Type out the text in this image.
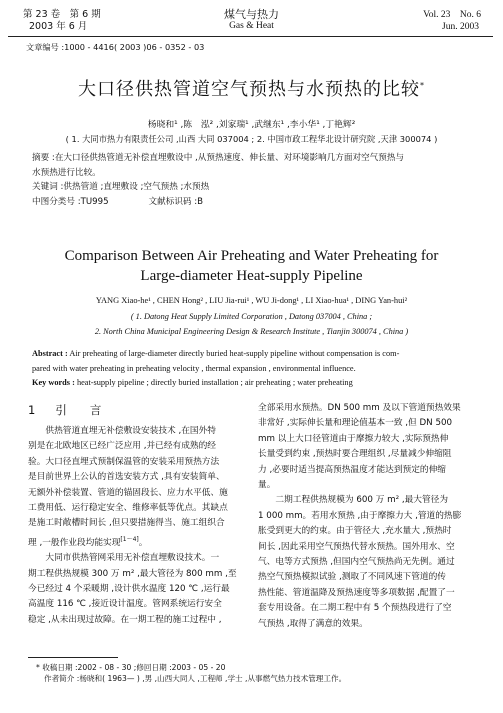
第 23 卷　第 6 期
2003 年 6 月
煤气与热力
Gas & Heat
Vol. 23　No. 6
Jun. 2003
文章编号 :1000 - 4416( 2003 )06 - 0352 - 03
大口径供热管道空气预热与水预热的比较*
杨晓和¹ ,陈　泓² ,刘家瑞¹ ,武继东¹ ,李小华¹ ,丁艳辉²
( 1. 大同市热力有限责任公司 ,山西 大同 037004 ; 2. 中国市政工程华北设计研究院 ,天津 300074 )
摘要 :在大口径供热管道无补偿直埋敷设中 ,从预热速度、伸长量、对环境影响几方面对空气预热与
水预热进行比较。
关键词 :供热管道 ;直埋敷设 ;空气预热 ;水预热
中图分类号 :TU995	文献标识码 :B
Comparison Between Air Preheating and Water Preheating for
Large-diameter Heat-supply Pipeline
YANG Xiao-he¹ , CHEN Hong² , LIU Jia-rui¹ , WU Ji-dong¹ , LI Xiao-hua¹ , DING Yan-hui²
( 1. Datong Heat Supply Limited Corporation , Datong 037004 , China ;
2. North China Municipal Engineering Design & Research Institute , Tianjin 300074 , China )
Abstract : Air preheating of large-diameter directly buried heat-supply pipeline without compensation is com-
pared with water preheating in preheating velocity , thermal expansion , environmental influence.
Key words : heat-supply pipeline ; directly buried installation ; air preheating ; water preheating
1 引　　言
供热管道直埋无补偿敷设安装技术 ,在国外特
别是在北欧地区已经广泛应用 ,并已经有成熟的经
验。大口径直埋式预制保温管的安装采用预热方法
是目前世界上公认的首选安装方式 ,具有安装简单、
无额外补偿装置、管道的锚固段长、应力水平低、施
工费用低、运行稳定安全、维修率低等优点。其缺点
是施工时敞槽时间长 ,但只要措施得当、施工组织合
理 ,一般作业段均能实现[1～4]。
大同市供热管网采用无补偿直埋敷设技术。一
期工程供热规模 300 万 m² ,最大管径为 800 mm ,至
今已经过 4 个采暖期 ,设计供水温度 120 ℃ ,运行最
高温度 116 ℃ ,接近设计温度。管网系统运行安全
稳定 ,从未出现过故障。在一期工程的施工过程中 ,
全部采用水预热。DN 500 mm 及以下管道预热效果
非常好 ,实际伸长量和理论值基本一致 ,但 DN 500
mm 以上大口径管道由于摩擦力较大 ,实际预热伸
长量受到约束 ,预热时要合理组织 ,尽量减少伸缩阻
力 ,必要时适当提高预热温度才能达到预定的伸缩
量。
二期工程供热规模为 600 万 m² ,最大管径为
1 000 mm。若用水预热 ,由于摩擦力大 ,管道的热膨
胀受到更大的约束。由于管径大 ,充水量大 ,预热时
间长 ,因此采用空气预热代替水预热。国外用水、空
气、电等方式预热 ,但国内空气预热尚无先例。通过
热空气预热模拟试验 ,测取了不同风速下管道的传
热性能、管道温降及预热速度等多项数据 ,配置了一
套专用设备。在二期工程中有 5 个预热段进行了空
气预热 ,取得了满意的效果。
* 收稿日期 :2002 - 08 - 30 ;修回日期 :2003 - 05 - 20
作者简介 :杨晓和( 1963— ) ,男 ,山西大同人 ,工程师 ,学士 ,从事燃气热力技术管理工作。
